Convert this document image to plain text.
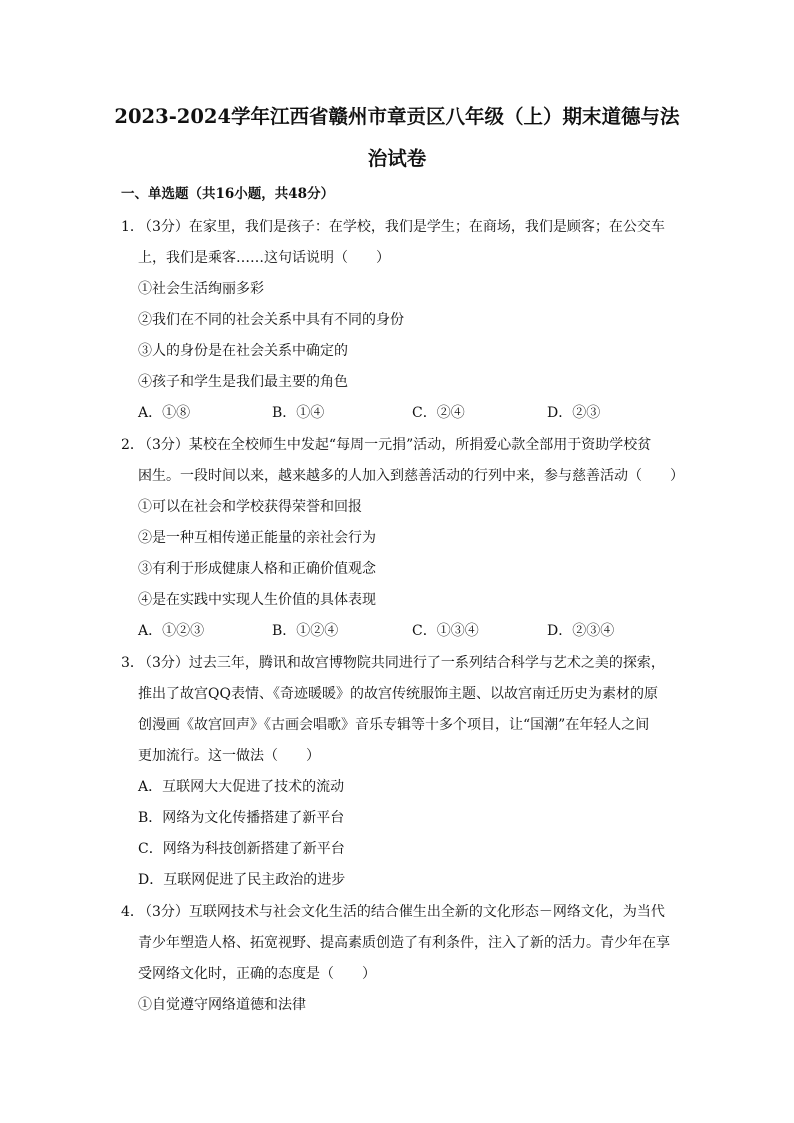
2023-2024学年江西省赣州市章贡区八年级（上）期末道德与法
治试卷
一、单选题（共16小题，共48分）
1．
（3分）在家里，我们是孩子：在学校，我们是学生；在商场，我们是顾客；在公交车
上，我们是乘客……这句话说明（　　）
①社会生活绚丽多彩
②我们在不同的社会关系中具有不同的身份
③人的身份是在社会关系中确定的
④孩子和学生是我们最主要的角色
A．①⑧	B．①④	C．②④	D．②③
2．
（3分）某校在全校师生中发起“每周一元捐”活动，所捐爱心款全部用于资助学校贫
困生。一段时间以来，越来越多的人加入到慈善活动的行列中来，参与慈善活动（　　）
①可以在社会和学校获得荣誉和回报
②是一种互相传递正能量的亲社会行为
③有利于形成健康人格和正确价值观念
④是在实践中实现人生价值的具体表现
A．①②③	B．①②④	C．①③④	D．②③④
3．
（3分）过去三年，腾讯和故宫博物院共同进行了一系列结合科学与艺术之美的探索，
推出了故宫QQ表情、《奇迹暖暖》的故宫传统服饰主题、以故宫南迁历史为素材的原
创漫画《故宫回声》《古画会唱歌》音乐专辑等十多个项目，让“国潮”在年轻人之间
更加流行。这一做法（　　）
A．互联网大大促进了技术的流动
B．网络为文化传播搭建了新平台
C．网络为科技创新搭建了新平台
D．互联网促进了民主政治的进步
4．
（3分）互联网技术与社会文化生活的结合催生出全新的文化形态－网络文化，为当代
青少年塑造人格、拓宽视野、提高素质创造了有利条件，注入了新的活力。青少年在享
受网络文化时，正确的态度是（　　）
①自觉遵守网络道德和法律
